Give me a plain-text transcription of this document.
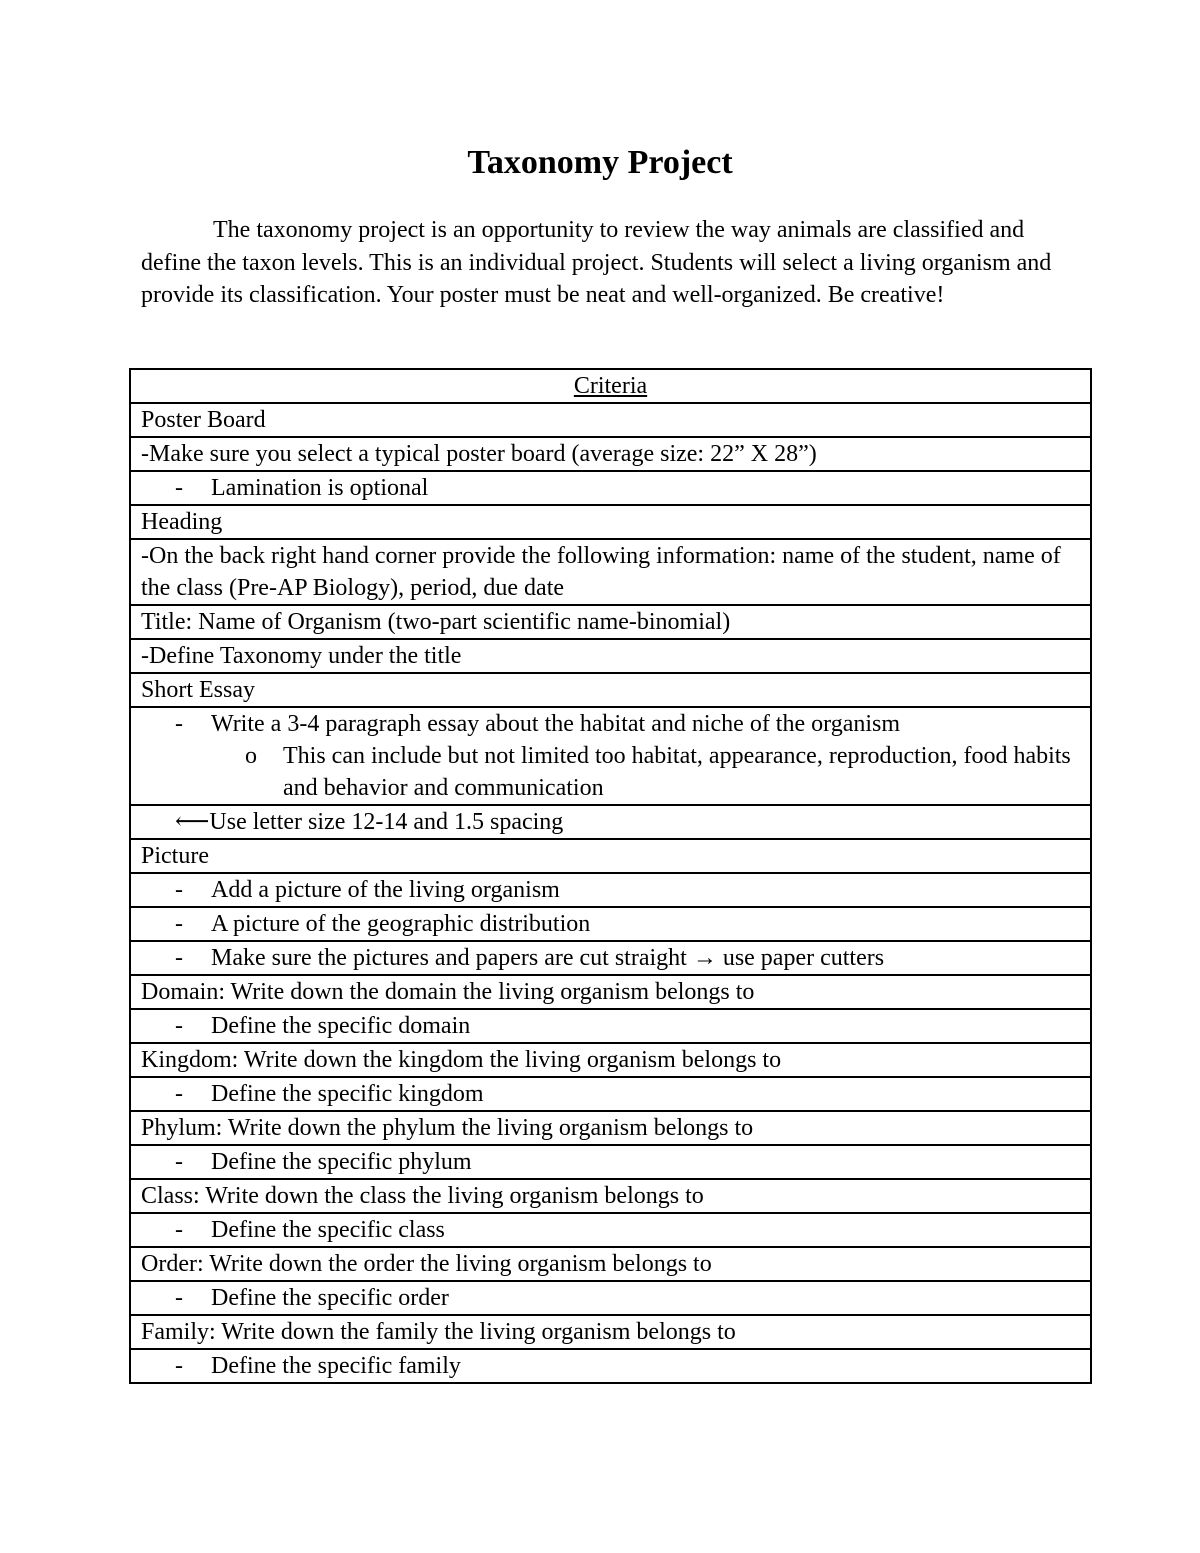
Taxonomy Project

The taxonomy project is an opportunity to review the way animals are classified and define the taxon levels. This is an individual project. Students will select a living organism and provide its classification. Your poster must be neat and well-organized. Be creative!

Criteria
Poster Board
-Make sure you select a typical poster board (average size: 22” X 28”)

-	Lamination is optional

Heading
-On the back right hand corner provide the following information: name of the student, name of the class (Pre-AP Biology), period, due date
Title: Name of Organism (two-part scientific name-binomial)
-Define Taxonomy under the title
Short Essay

-	Write a 3-4 paragraph essay about the habitat and niche of the organism
o	This can include but not limited too habitat, appearance, reproduction, food habits and behavior and communication

⟵Use letter size 12-14 and 1.5 spacing

Picture

-	Add a picture of the living organism

-	A picture of the geographic distribution

-	Make sure the pictures and papers are cut straight → use paper cutters

Domain: Write down the domain the living organism belongs to

-	Define the specific domain

Kingdom: Write down the kingdom the living organism belongs to

-	Define the specific kingdom

Phylum: Write down the phylum the living organism belongs to

-	Define the specific phylum

Class: Write down the class the living organism belongs to

-	Define the specific class

Order: Write down the order the living organism belongs to

-	Define the specific order

Family: Write down the family the living organism belongs to

-	Define the specific family
